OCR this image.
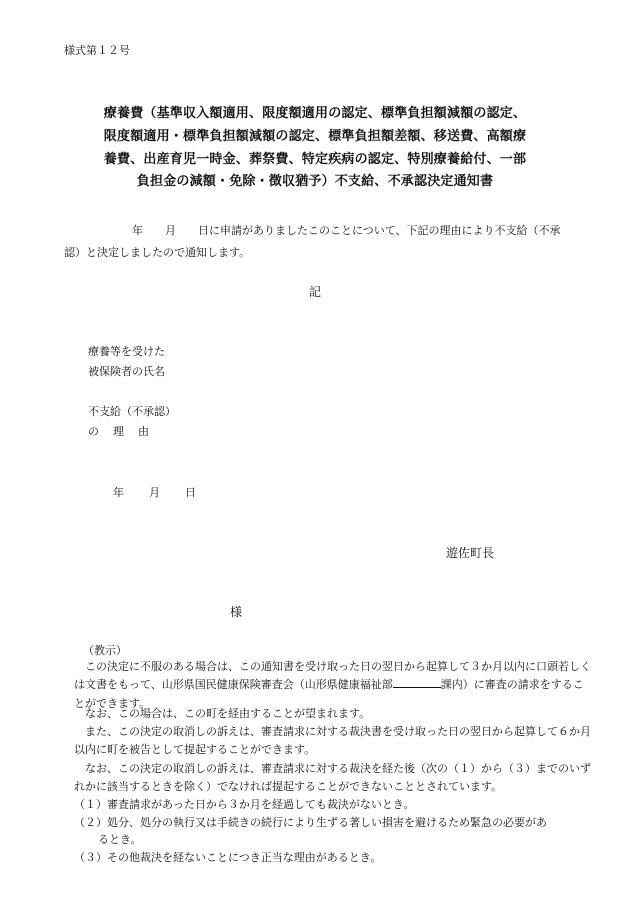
様式第１２号
療養費（基準収入額適用、限度額適用の認定、標準負担額減額の認定、
限度額適用・標準負担額減額の認定、標準負担額差額、移送費、高額療
養費、出産育児一時金、葬祭費、特定疾病の認定、特別療養給付、一部
負担金の減額・免除・徴収猶予）不支給、不承認決定通知書
　　年　　月　　日に申請がありましたこのことについて、下記の理由により不支給（不承
認）と決定しましたので通知します。
記
療養等を受けた
被保険者の氏名
不支給（不承認）
の理由
年　　月　　日
遊佐町長
様
（教示）
　この決定に不服のある場合は、この通知書を受け取った日の翌日から起算して３か月以内に口頭若しくは文書をもって、山形県国民健康保険審査会（山形県健康福祉部	課内）に審査の請求をすることができます。
　なお、この場合は、この町を経由することが望まれます。
　また、この決定の取消しの訴えは、審査請求に対する裁決書を受け取った日の翌日から起算して６か月以内に町を被告として提起することができます。
　なお、この決定の取消しの訴えは、審査請求に対する裁決を経た後（次の（１）から（３）までのいずれかに該当するときを除く）でなければ提起することができないこととされています。
（１）審査請求があった日から３か月を経過しても裁決がないとき。
（２）処分、処分の執行又は手続きの続行により生ずる著しい損害を避けるため緊急の必要があ
るとき。
（３）その他裁決を経ないことにつき正当な理由があるとき。
